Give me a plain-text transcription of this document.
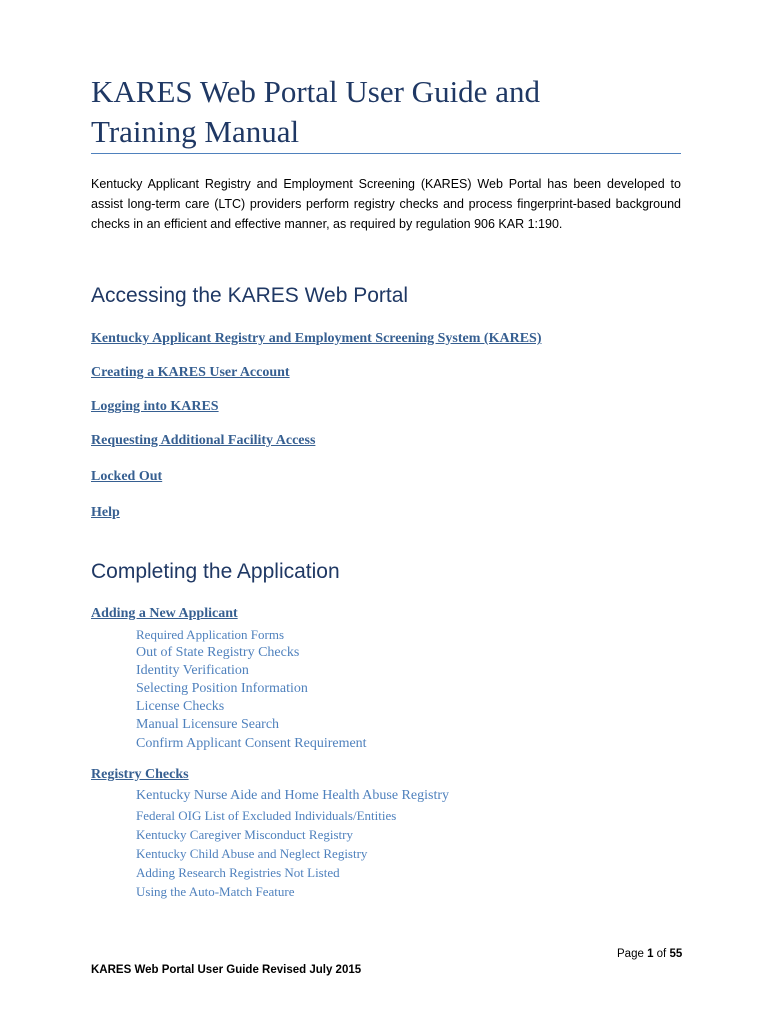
KARES Web Portal User Guide and
Training Manual

Kentucky Applicant Registry and Employment Screening (KARES) Web Portal has been developed to assist long-term care (LTC) providers perform registry checks and process fingerprint-based background checks in an efficient and effective manner, as required by regulation 906 KAR 1:190.

Accessing the KARES Web Portal
Kentucky Applicant Registry and Employment Screening System (KARES)
Creating a KARES User Account
Logging into KARES
Requesting Additional Facility Access
Locked Out
Help
Completing the Application
Adding a New Applicant
Required Application Forms
Out of State Registry Checks
Identity Verification
Selecting Position Information
License Checks
Manual Licensure Search
Confirm Applicant Consent Requirement
Registry Checks
Kentucky Nurse Aide and Home Health Abuse Registry
Federal OIG List of Excluded Individuals/Entities
Kentucky Caregiver Misconduct Registry
Kentucky Child Abuse and Neglect Registry
Adding Research Registries Not Listed
Using the Auto-Match Feature
Page 1 of 55
KARES Web Portal User Guide Revised July 2015
